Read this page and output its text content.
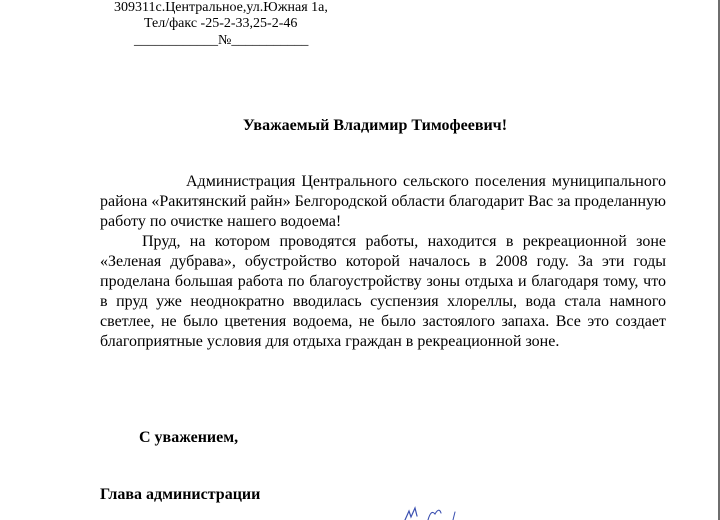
309311с.Центральное,ул.Южная 1а,
Тел/факс -25-2-33,25-2-46
____________№___________
Уважаемый Владимир Тимофеевич!

Администрация Центрального сельского поселения муниципального района «Ракитянский райн» Белгородской области благодарит Вас за проделанную работу по очистке нашего водоема!

Пруд, на котором проводятся работы, находится в рекреационной зоне «Зеленая дубрава», обустройство которой началось в 2008 году. За эти годы проделана большая работа по благоустройству зоны отдыха и благодаря тому, что в пруд уже неоднократно вводилась суспензия хлореллы, вода стала намного светлее, не было цветения водоема, не было застоялого запаха. Все это создает благоприятные условия для отдыха граждан в рекреационной зоне.

С уважением,
Глава администрации
